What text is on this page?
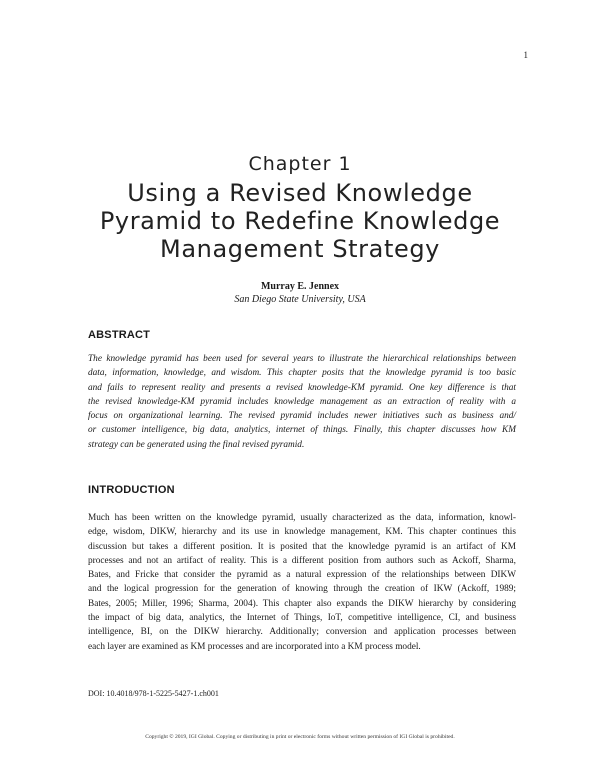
1
Chapter 1
Using a Revised Knowledge
Pyramid to Redefine Knowledge
Management Strategy
Murray E. Jennex
San Diego State University, USA
ABSTRACT
The knowledge pyramid has been used for several years to illustrate the hierarchical relationships between
data, information, knowledge, and wisdom. This chapter posits that the knowledge pyramid is too basic
and fails to represent reality and presents a revised knowledge-KM pyramid. One key difference is that
the revised knowledge-KM pyramid includes knowledge management as an extraction of reality with a
focus on organizational learning. The revised pyramid includes newer initiatives such as business and/
or customer intelligence, big data, analytics, internet of things. Finally, this chapter discusses how KM
strategy can be generated using the final revised pyramid.
INTRODUCTION
Much has been written on the knowledge pyramid, usually characterized as the data, information, knowl-
edge, wisdom, DIKW, hierarchy and its use in knowledge management, KM. This chapter continues this
discussion but takes a different position. It is posited that the knowledge pyramid is an artifact of KM
processes and not an artifact of reality. This is a different position from authors such as Ackoff, Sharma,
Bates, and Fricke that consider the pyramid as a natural expression of the relationships between DIKW
and the logical progression for the generation of knowing through the creation of IKW (Ackoff, 1989;
Bates, 2005; Miller, 1996; Sharma, 2004). This chapter also expands the DIKW hierarchy by considering
the impact of big data, analytics, the Internet of Things, IoT, competitive intelligence, CI, and business
intelligence, BI, on the DIKW hierarchy. Additionally; conversion and application processes between
each layer are examined as KM processes and are incorporated into a KM process model.
DOI: 10.4018/978-1-5225-5427-1.ch001
Copyright © 2019, IGI Global. Copying or distributing in print or electronic forms without written permission of IGI Global is prohibited.
